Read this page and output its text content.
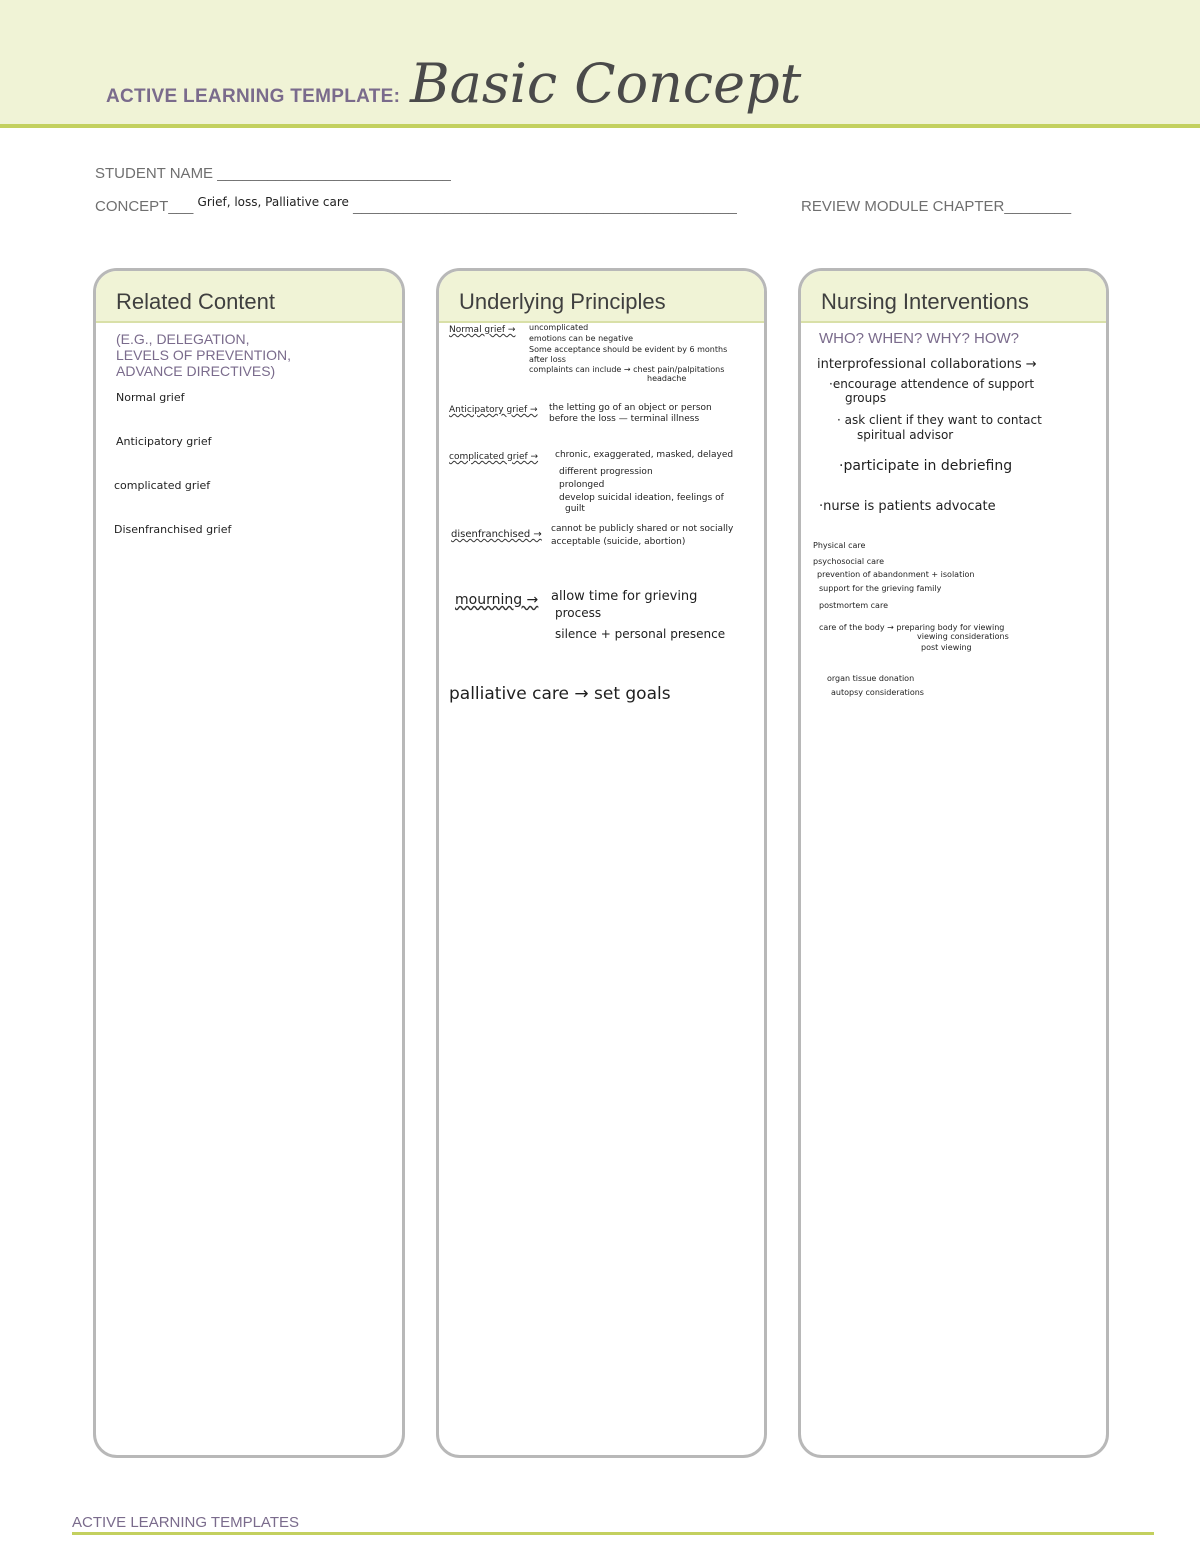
ACTIVE LEARNING TEMPLATE: Basic Concept
STUDENT NAME ____________________________
CONCEPT___ $^{Grief, loss, Palliative care}$ ______________________________________________	REVIEW MODULE CHAPTER________
Related Content
(E.G., DELEGATION,
LEVELS OF PREVENTION,
ADVANCE DIRECTIVES)
Normal grief
Anticipatory grief
complicated grief
Disenfranchised grief
Underlying Principles
Normal grief → uncomplicated
emotions can be negative
Some acceptance should be evident by 6 months
after loss
complaints can include → chest pain/palpitations
headache
Anticipatory grief → the letting go of an object or person
before the loss — terminal illness
complicated grief → chronic, exaggerated, masked, delayed
different progression
prolonged
develop suicidal ideation, feelings of
guilt
disenfranchised → cannot be publicly shared or not socially
acceptable (suicide, abortion)
mourning → allow time for grieving
process
silence + personal presence
palliative care → set goals
Nursing Interventions
WHO? WHEN? WHY? HOW?
interprofessional collaborations →
·encourage attendence of support
groups
· ask client if they want to contact
spiritual advisor
·participate in debriefing
·nurse is patients advocate
Physical care
psychosocial care
prevention of abandonment + isolation
support for the grieving family
postmortem care
care of the body → preparing body for viewing
viewing considerations
post viewing
organ tissue donation
autopsy considerations
ACTIVE LEARNING TEMPLATES
